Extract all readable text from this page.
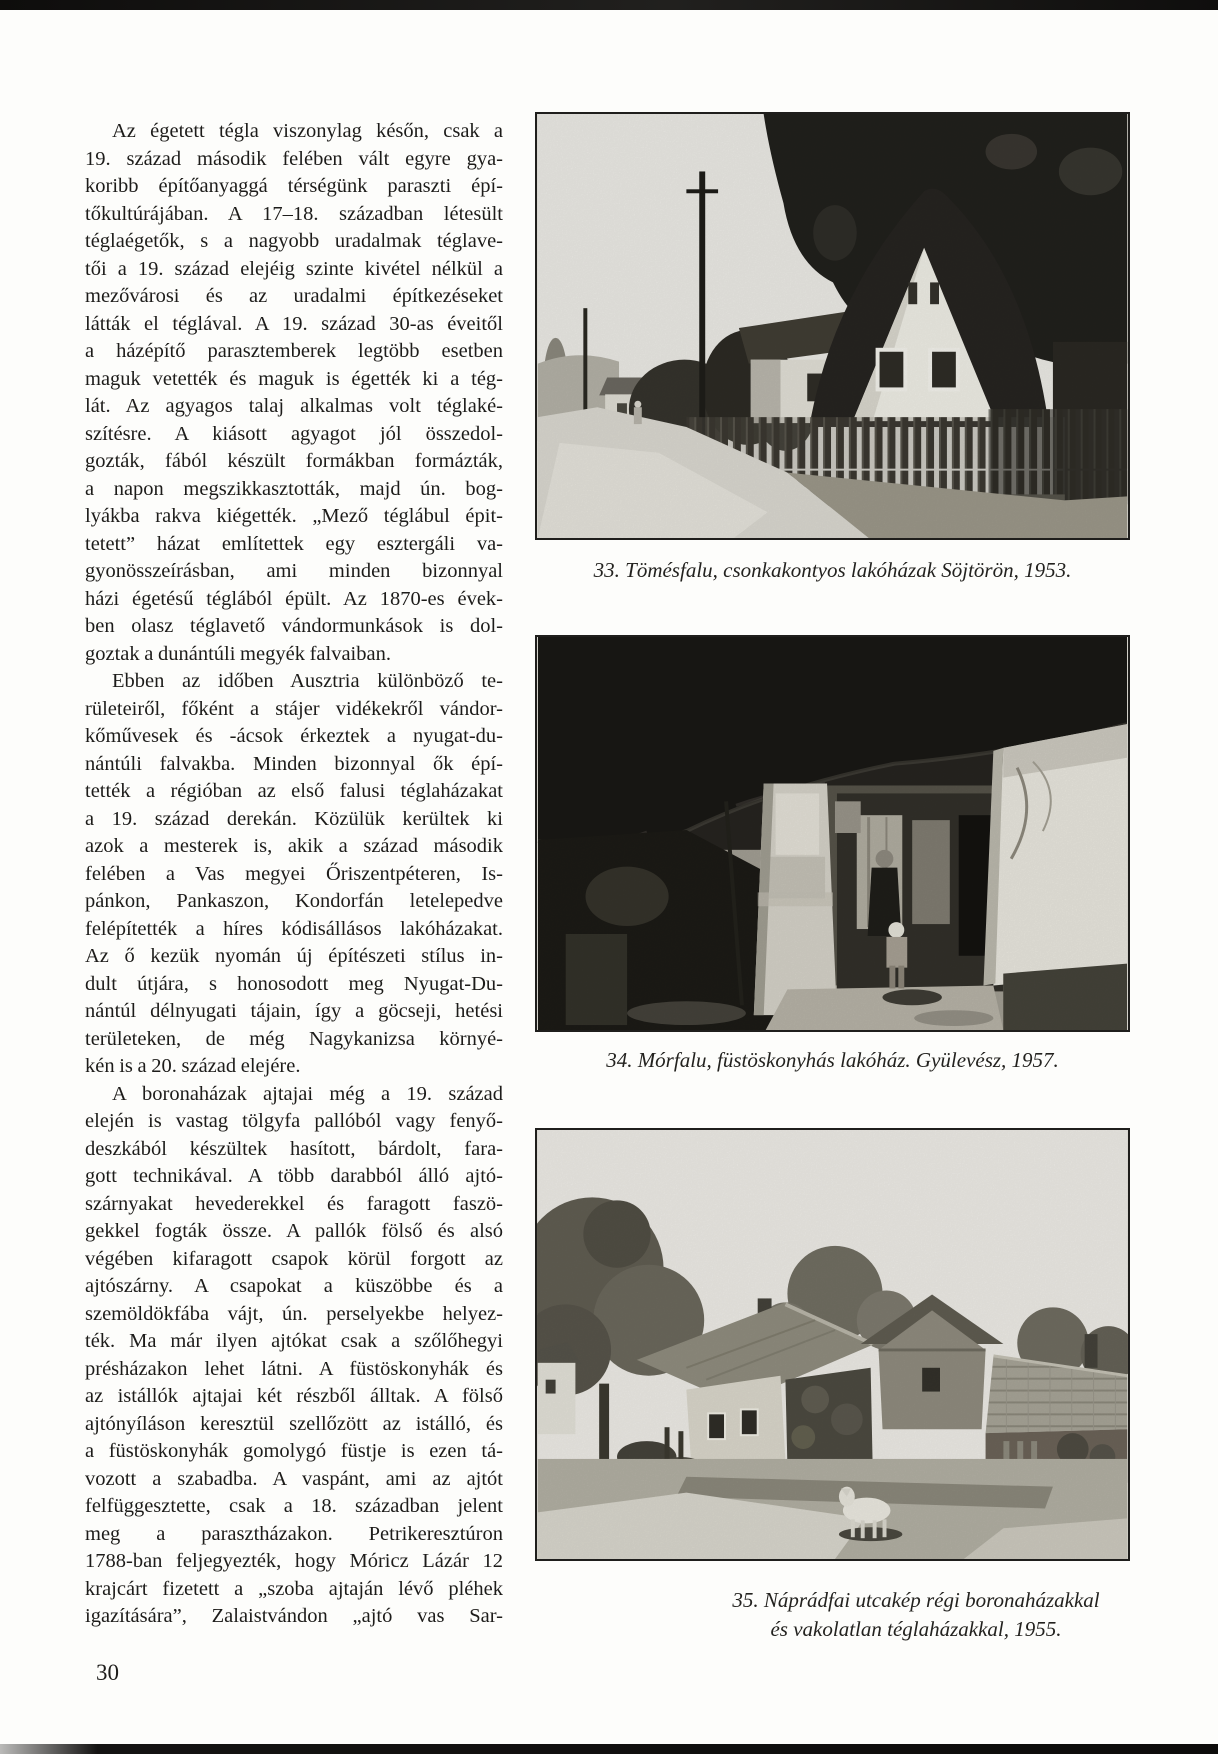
Az égetett tégla viszonylag későn, csak a
19. század második felében vált egyre gya-
koribb építőanyaggá térségünk paraszti épí-
tőkultúrájában. A 17–18. században létesült
téglaégetők, s a nagyobb uradalmak téglave-
tői a 19. század elejéig szinte kivétel nélkül a
mezővárosi és az uradalmi építkezéseket
látták el téglával. A 19. század 30-as éveitől
a házépítő parasztemberek legtöbb esetben
maguk vetették és maguk is égették ki a tég-
lát. Az agyagos talaj alkalmas volt téglaké-
szítésre. A kiásott agyagot jól összedol-
gozták, fából készült formákban formázták,
a napon megszikkasztották, majd ún. bog-
lyákba rakva kiégették. „Mező téglábul épit-
tetett” házat említettek egy esztergáli va-
gyonösszeírásban, ami minden bizonnyal
házi égetésű téglából épült. Az 1870-es évek-
ben olasz téglavető vándormunkások is dol-
goztak a dunántúli megyék falvaiban.
Ebben az időben Ausztria különböző te-
rületeiről, főként a stájer vidékekről vándor-
kőművesek és -ácsok érkeztek a nyugat-du-
nántúli falvakba. Minden bizonnyal ők épí-
tették a régióban az első falusi téglaházakat
a 19. század derekán. Közülük kerültek ki
azok a mesterek is, akik a század második
felében a Vas megyei Őriszentpéteren, Is-
pánkon, Pankaszon, Kondorfán letelepedve
felépítették a híres kódisállásos lakóházakat.
Az ő kezük nyomán új építészeti stílus in-
dult útjára, s honosodott meg Nyugat-Du-
nántúl délnyugati tájain, így a göcseji, hetési
területeken, de még Nagykanizsa környé-
kén is a 20. század elejére.
A boronaházak ajtajai még a 19. század
elején is vastag tölgyfa pallóból vagy fenyő-
deszkából készültek hasított, bárdolt, fara-
gott technikával. A több darabból álló ajtó-
szárnyakat hevederekkel és faragott faszö-
gekkel fogták össze. A pallók fölső és alsó
végében kifaragott csapok körül forgott az
ajtószárny. A csapokat a küszöbbe és a
szemöldökfába vájt, ún. perselyekbe helyez-
ték. Ma már ilyen ajtókat csak a szőlőhegyi
présházakon lehet látni. A füstöskonyhák és
az istállók ajtajai két részből álltak. A fölső
ajtónyíláson keresztül szellőzött az istálló, és
a füstöskonyhák gomolygó füstje is ezen tá-
vozott a szabadba. A vaspánt, ami az ajtót
felfüggesztette, csak a 18. században jelent
meg a parasztházakon. Petrikeresztúron
1788-ban feljegyezték, hogy Móricz Lázár 12
krajcárt fizetett a „szoba ajtaján lévő pléhek
igazítására”, Zalaistvándon „ajtó vas Sar-
33. Tömésfalu, csonkakontyos lakóházak Söjtörön, 1953.
34. Mórfalu, füstöskonyhás lakóház. Gyülevész, 1957.
35. Náprádfai utcakép régi boronaházakkal
és vakolatlan téglaházakkal, 1955.
30
